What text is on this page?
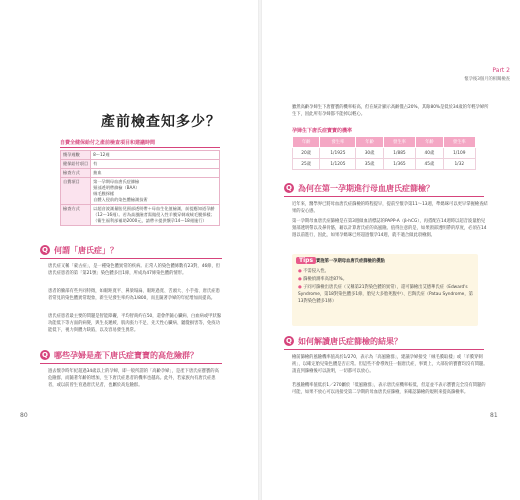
產前檢查知多少？
自費全健保給付之產前檢查項目和建議時間
懷孕週數	8～12週
健保給付項目	有
檢查方式	抽血
自費項目	第一孕期母血唐氏症篩檢
頸部透明帶篩檢（BAA）
絨毛膜採樣
自體入侵前的染色體檢測技術
檢查方式	以超音波測量胎兒頸部透明帶＋母血生化值檢測，前提應知道孕齡（12～16週）。若為高風險者需做侵入性羊膜穿刺或絨毛膜採樣；
（衛生福利部補助2000元，請帶卡提供懷孕14～18週施行）
Q 何謂「唐氏症」？
唐氏症又稱「蒙古症」，是一種染色體異常的疾病。正常人的染色體條數有23對，46條，但唐氏症患者的第「第21號」染色體多出1條，所成為47條染色體的情形。
患者的臉部有些共同特徵，如眼距寬平、鼻梁塌扁、眼距過寬、舌頭大、小手指、唐氏症患者常見的染色體異常現象，新生兒發生率約為1/800，而且隨著孕婦的年紀增加而提高。
唐氏症患者最主要的問題是智能障礙，平均智商約在50，還會伴隨心臟病、白血病或甲狀腺功能低下等方面的病變，與生長遲緩、肌肉張力不足、先天性心臟病、聽覺損害等，免疫功能低下，視力與體力缺陷，以及容易發生異常。
Q 哪些孕婦是產下唐氏症寶寶的高危險群？
過去懷孕時年紀超過34歲以上的孕婦，即一般所謂的「高齡孕婦」，是產下唐氏症寶寶的高危險群，而隨著年齡的增加，生下唐氏症患者的機率也越高。此外，若家族內有唐氏症患者，或以前曾生育過唐氏兒者，也屬於高危險群。
80
Part 2
懷孕後3個月的相關檢查
雖然高齡孕婦生下唐寶寶的機率較高，但在統計顯示高齡僅占20%，其餘80%是低於34歲的年輕孕婦所生下，因此所有孕婦都不能掉以輕心。
孕婦生下唐氏症寶寶的機率
年齡	發生率	年齡	發生率	年齡	發生率
20歲	1/1925	30歲	1/885	40歲	1/109
25歲	1/1205	35歲	1/365	45歲	1/32
Q 為何在第一孕期進行母血唐氏症篩檢？
近年來，醫學界已將母血唐氏症篩檢的時程提早，提前至懷孕第11～13週，準媽咪可以更早掌握檢查結果的安心感。
第一孕期母血唐氏症篩檢是在第3週做血清標誌的PAPP-A（β-hCG），再搭配在14週時以超音波量胎兒頸部透明帶以及鼻骨骼，藉以計算唐氏症的高風險。值得注意的是，如果頸部透明帶的厚度，必須在14週以前進行，因此，如果孕媽咪已經超過懷孕14週，就不適合做此項檢測。
Tips 實施第一孕期母血唐氏症篩檢的優點
● 不需侵入性。
● 篩檢偵測率高達87%。
● 子同可篩檢出唐氏症（又稱第21對染色體的異常），還可篩檢出艾德華氏症（Edward's Syndrome，第18對染色體多1條，胎兒大多胎死腹中）、巴陶氏症（Patau Syndrome，第13對染色體多1條）
Q 如何解讀唐氏症篩檢的結果？
檢前篩檢的風險機率值高於1/270，表示為「高風險群」，建議孕婦接受「絨毛膜取樣」或「羊膜穿刺術」，以確定胎兒染色體是否正常。但這些不會導致任一個唐氏症，事實上，大部份的寶寶均沒有問題。請直到篩檢後可以說明，一切都可以放心。
若風險機率值低於1／270屬於「低風險群」，表示唐氏症機率較低，但這並不表示寶寶完全沒有問題的可能，如果不放心可以再接受第二孕期的母血唐氏症篩檢，來確認篩檢的規則來提高篩檢率。
81
